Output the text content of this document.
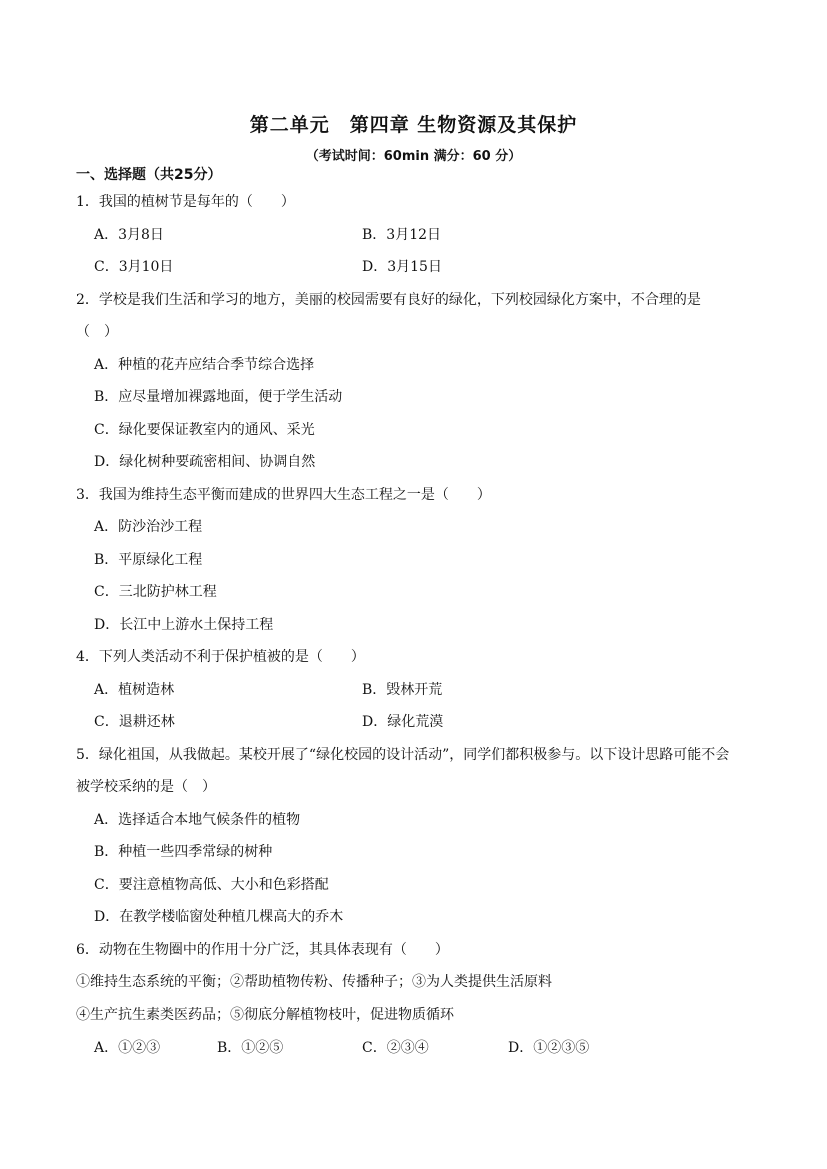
第二单元　第四章 生物资源及其保护
（考试时间：60min 满分：60 分）
一、选择题（共25分）
1．我国的植树节是每年的（　　）
A．3月8日	B．3月12日
C．3月10日	D．3月15日
2．学校是我们生活和学习的地方，美丽的校园需要有良好的绿化，下列校园绿化方案中，不合理的是
（　）
A．种植的花卉应结合季节综合选择
B．应尽量增加裸露地面，便于学生活动
C．绿化要保证教室内的通风、采光
D．绿化树种要疏密相间、协调自然
3．我国为维持生态平衡而建成的世界四大生态工程之一是（　　）
A．防沙治沙工程
B．平原绿化工程
C．三北防护林工程
D．长江中上游水土保持工程
4．下列人类活动不利于保护植被的是（　　）
A．植树造林	B．毁林开荒
C．退耕还林	D．绿化荒漠
5．绿化祖国，从我做起。某校开展了“绿化校园的设计活动”，同学们都积极参与。以下设计思路可能不会
被学校采纳的是（　）
A．选择适合本地气候条件的植物
B．种植一些四季常绿的树种
C．要注意植物高低、大小和色彩搭配
D．在教学楼临窗处种植几棵高大的乔木
6．动物在生物圈中的作用十分广泛，其具体表现有（　　）
①维持生态系统的平衡；②帮助植物传粉、传播种子；③为人类提供生活原料
④生产抗生素类医药品；⑤彻底分解植物枝叶，促进物质循环
A．①②③	B．①②⑤	C．②③④	D．①②③⑤
